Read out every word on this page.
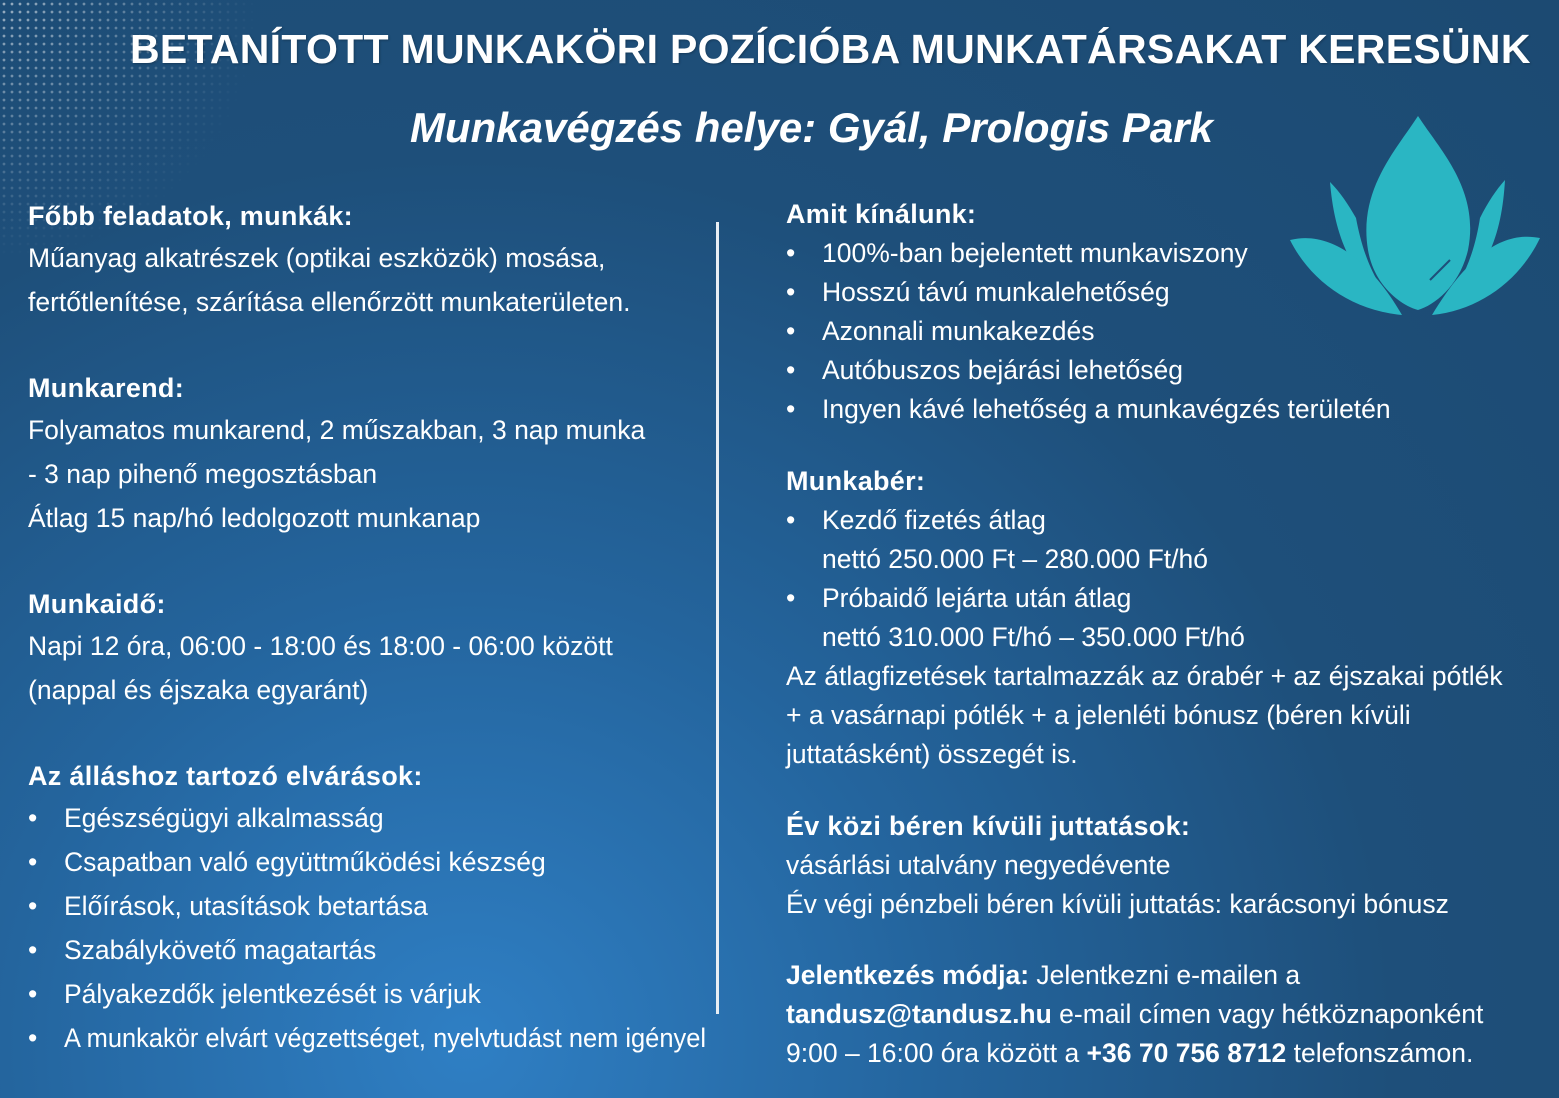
BETANÍTOTT MUNKAKÖRI POZÍCIÓBA MUNKATÁRSAKAT KERESÜNK
Munkavégzés helye: Gyál, Prologis Park
Főbb feladatok, munkák:

Műanyag alkatrészek (optikai eszközök) mosása,

fertőtlenítése, szárítása ellenőrzött munkaterületen.

Munkarend:

Folyamatos munkarend, 2 műszakban, 3 nap munka

- 3 nap pihenő megosztásban

Átlag 15 nap/hó ledolgozott munkanap

Munkaidő:

Napi 12 óra, 06:00 - 18:00 és 18:00 - 06:00 között

(nappal és éjszaka egyaránt)

Az álláshoz tartozó elvárások:
• Egészségügyi alkalmasság
• Csapatban való együttműködési készség
• Előírások, utasítások betartása
• Szabálykövető magatartás
• Pályakezdők jelentkezését is várjuk
• A munkakör elvárt végzettséget, nyelvtudást nem igényel
Amit kínálunk:
• 100%-ban bejelentett munkaviszony
• Hosszú távú munkalehetőség
• Azonnali munkakezdés
• Autóbuszos bejárási lehetőség
• Ingyen kávé lehetőség a munkavégzés területén
Munkabér:
• Kezdő fizetés átlag
nettó 250.000 Ft – 280.000 Ft/hó
• Próbaidő lejárta után átlag
nettó 310.000 Ft/hó – 350.000 Ft/hó

Az átlagfizetések tartalmazzák az órabér + az éjszakai pótlék

+ a vasárnapi pótlék + a jelenléti bónusz (béren kívüli

juttatásként) összegét is.

Év közi béren kívüli juttatások:

vásárlási utalvány negyedévente

Év végi pénzbeli béren kívüli juttatás: karácsonyi bónusz

Jelentkezés módja: Jelentkezni e-mailen a

tandusz@tandusz.hu e-mail címen vagy hétköznaponként

9:00 – 16:00 óra között a +36 70 756 8712 telefonszámon.
